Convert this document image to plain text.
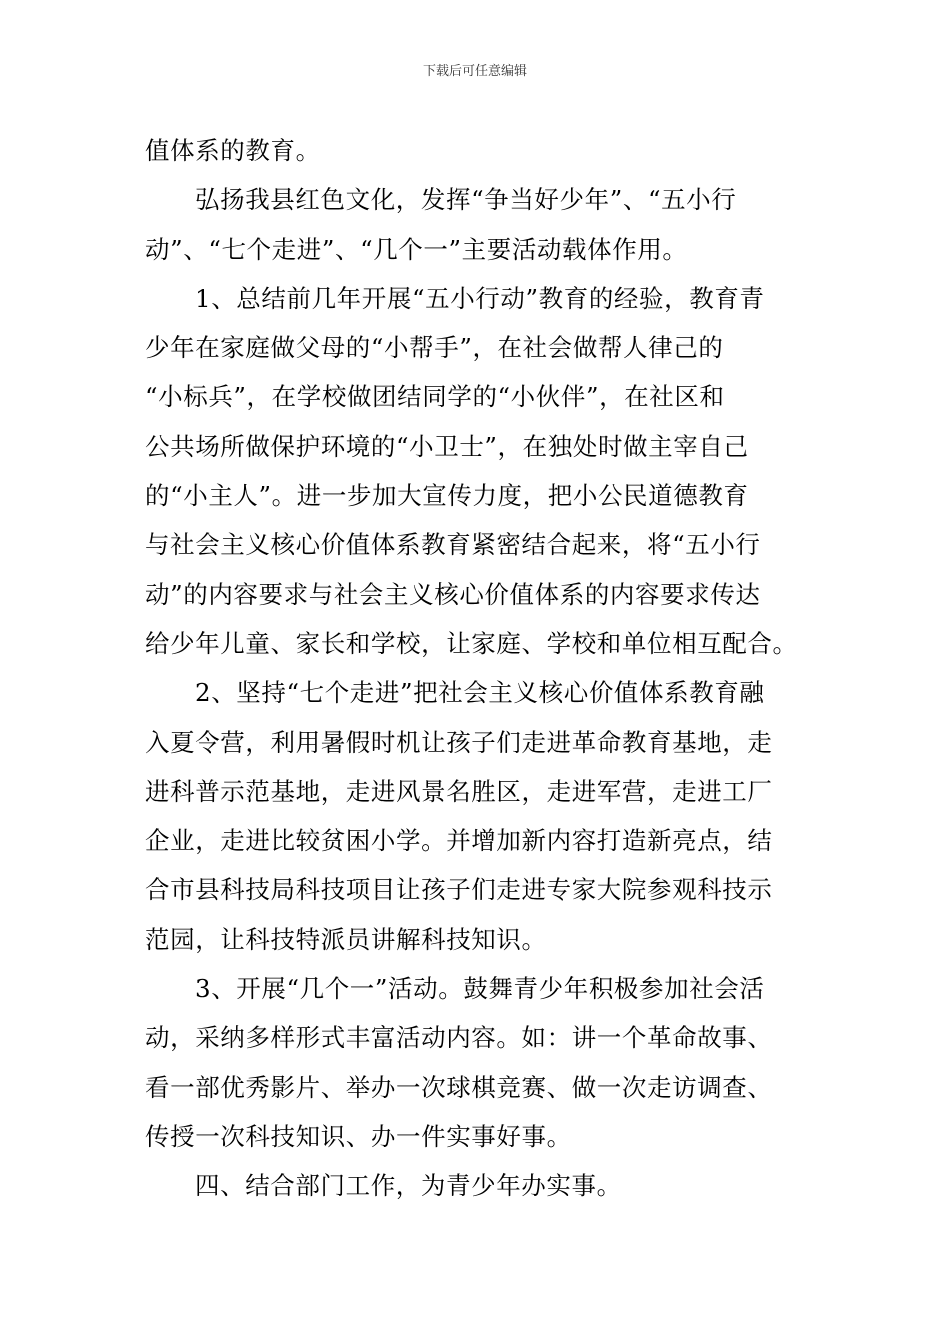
下载后可任意编辑
值体系的教育。
弘扬我县红色文化，发挥“争当好少年”、“五小行
动”、“七个走进”、“几个一”主要活动载体作用。
1、总结前几年开展“五小行动”教育的经验，教育青
少年在家庭做父母的“小帮手”，在社会做帮人律己的
“小标兵”，在学校做团结同学的“小伙伴”，在社区和
公共场所做保护环境的“小卫士”，在独处时做主宰自己
的“小主人”。进一步加大宣传力度，把小公民道德教育
与社会主义核心价值体系教育紧密结合起来，将“五小行
动”的内容要求与社会主义核心价值体系的内容要求传达
给少年儿童、家长和学校，让家庭、学校和单位相互配合。
2、坚持“七个走进”把社会主义核心价值体系教育融
入夏令营，利用暑假时机让孩子们走进革命教育基地，走
进科普示范基地，走进风景名胜区，走进军营，走进工厂
企业，走进比较贫困小学。并增加新内容打造新亮点，结
合市县科技局科技项目让孩子们走进专家大院参观科技示
范园，让科技特派员讲解科技知识。
3、开展“几个一”活动。鼓舞青少年积极参加社会活
动，采纳多样形式丰富活动内容。如：讲一个革命故事、
看一部优秀影片、举办一次球棋竞赛、做一次走访调查、
传授一次科技知识、办一件实事好事。
四、结合部门工作，为青少年办实事。
